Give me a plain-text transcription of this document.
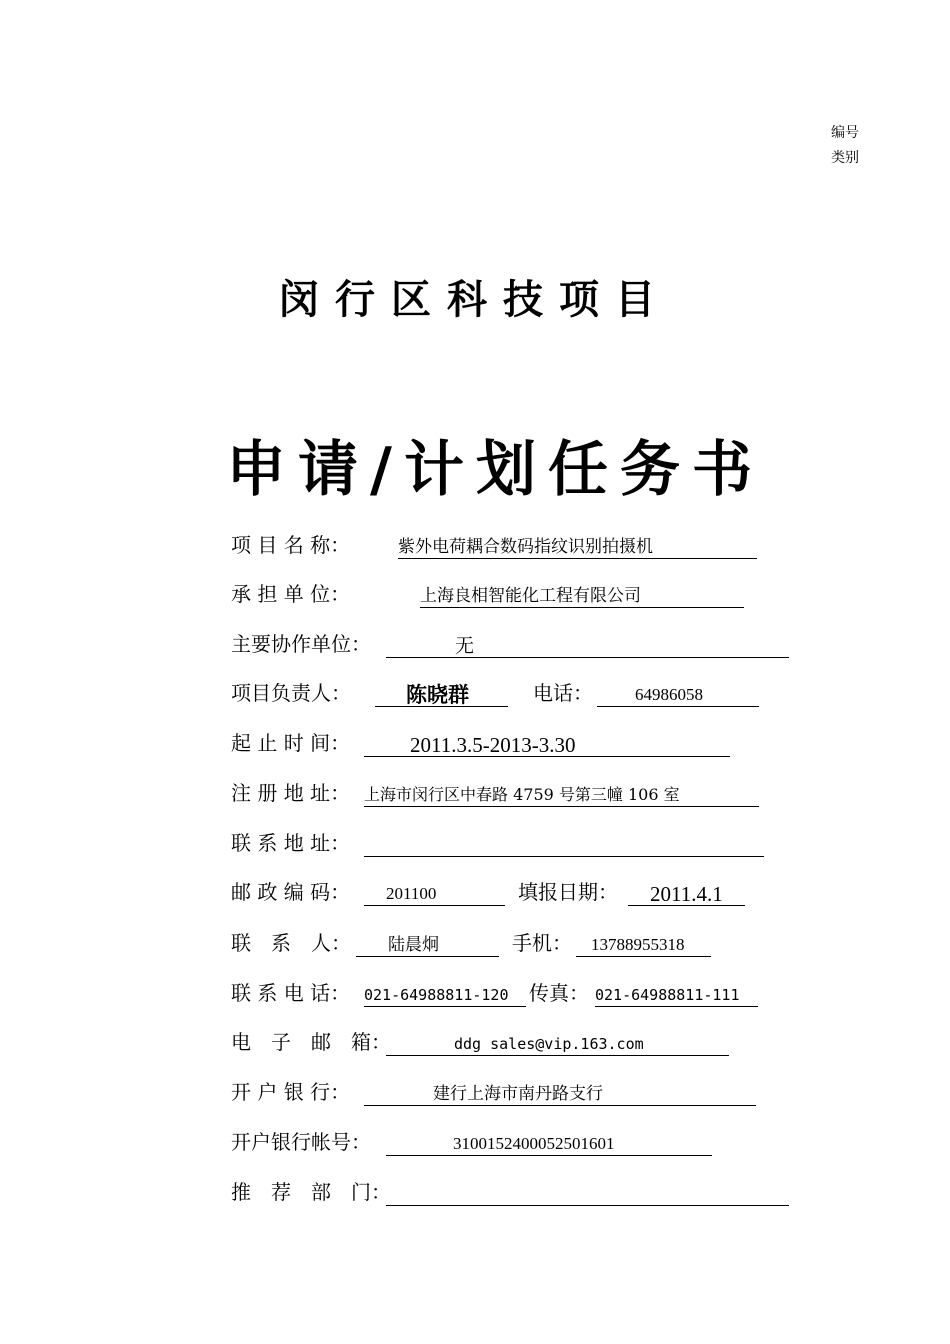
编号
类别
闵行区科技项目
申请/计划任务书
项 目 名 称：	紫外电荷耦合数码指纹识别拍摄机
承 担 单 位：	上海良相智能化工程有限公司
主要协作单位：	无
项目负责人：	陈晓群	电话： 64986058
起 止 时 间：	2011.3.5-2013-3.30
注 册 地 址： 上海市闵行区中春路 4759 号第三幢 106 室
联 系 地 址：
邮 政 编 码： 201100	填报日期： 2011.4.1
联　系　人： 陆晨炯	手机： 13788955318
联 系 电 话： 021-64988811-120 传真： 021-64988811-111
电　子　邮　箱：	ddg sales@vip.163.com
开 户 银 行：	建行上海市南丹路支行
开户银行帐号：	3100152400052501601
推　荐　部　门：
